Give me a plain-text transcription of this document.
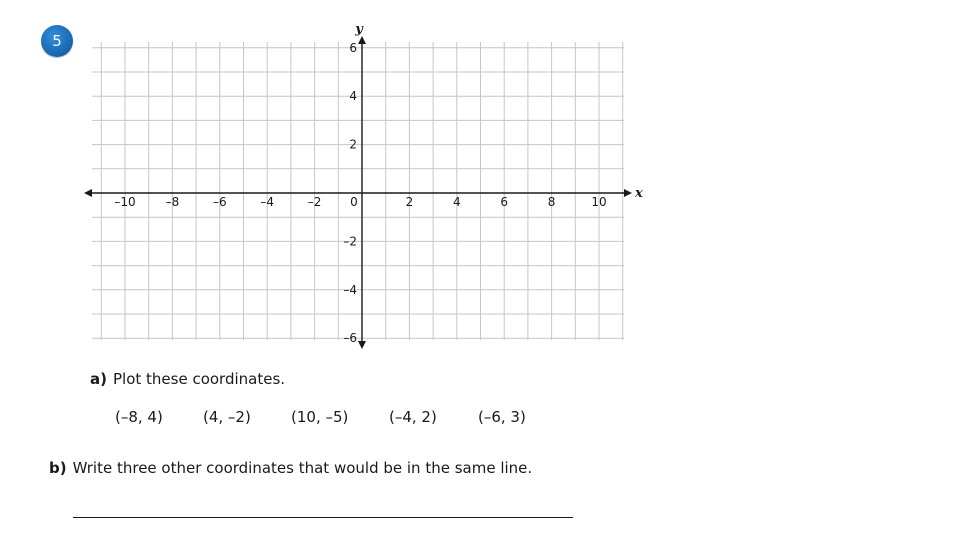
5
x
y
–10 –8	–6	–4	–2 0	2	4	6	8	10
–6
–4
–2
2
4
6
a) Plot these coordinates.
(–8, 4)	(4, –2)	(10, –5)	(–4, 2)	(–6, 3)
b) Write three other coordinates that would be in the same line.
